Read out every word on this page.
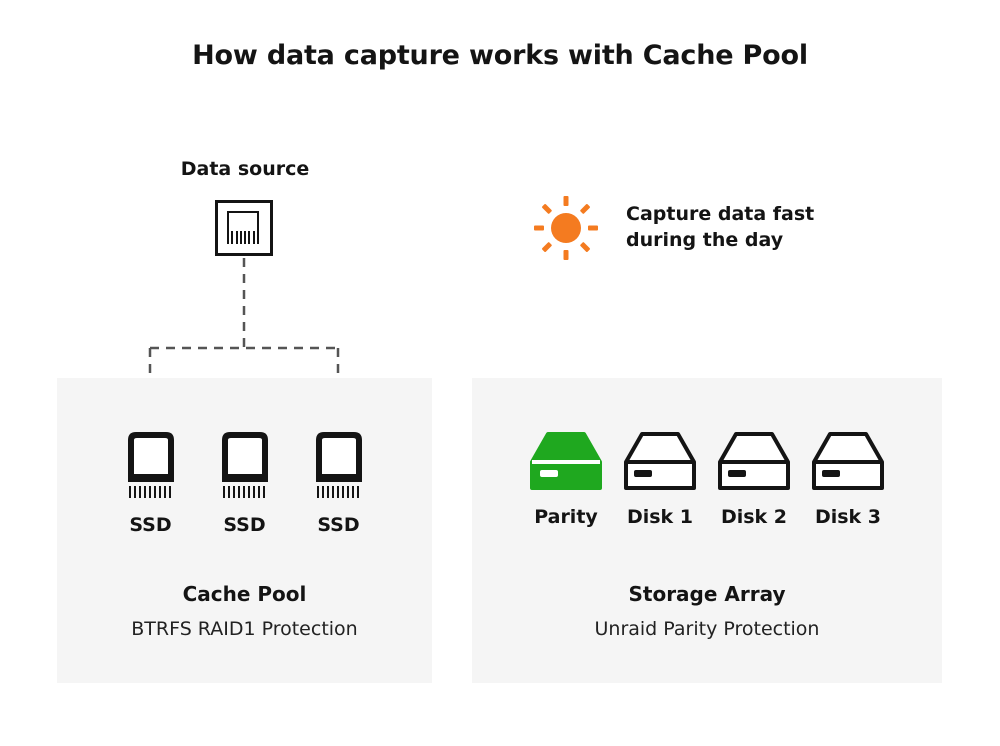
How data capture works with Cache Pool
Data source
Capture data fast
during the day
SSD	SSD	SSD
Cache Pool
BTRFS RAID1 Protection
Parity Disk 1 Disk 2 Disk 3
Storage Array
Unraid Parity Protection
